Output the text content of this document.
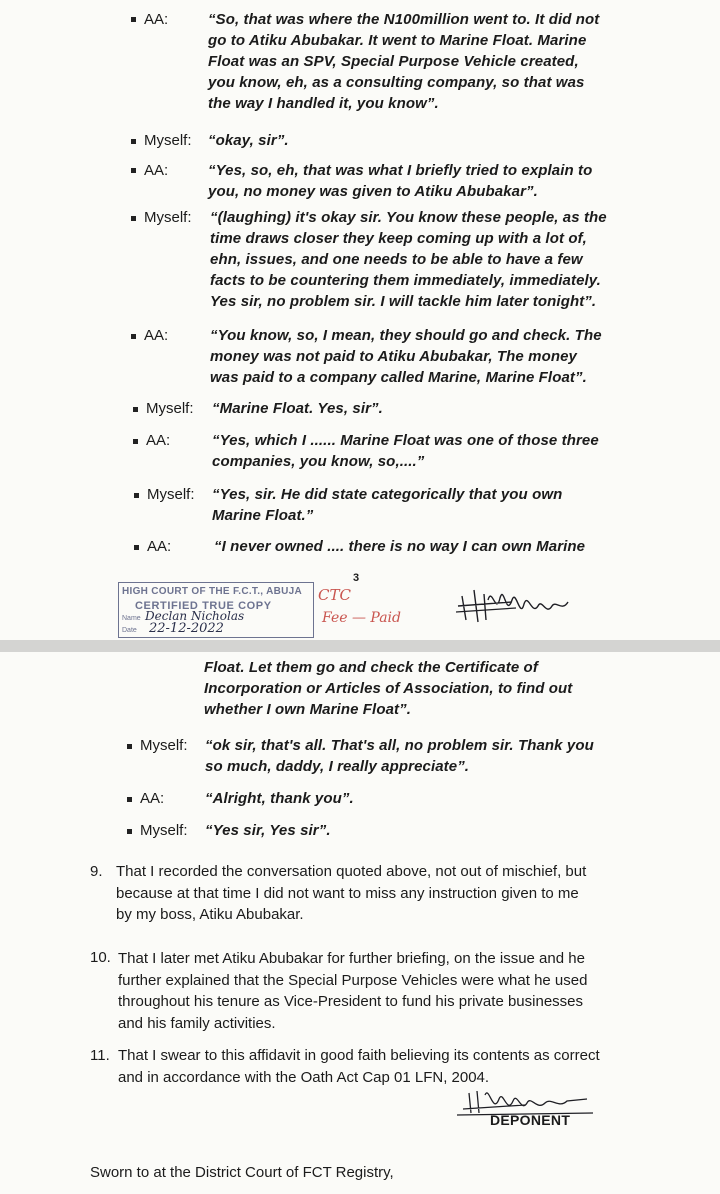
AA:	“So, that was where the N100million went to. It did not
go to Atiku Abubakar. It went to Marine Float. Marine
Float was an SPV, Special Purpose Vehicle created,
you know, eh, as a consulting company, so that was
the way I handled it, you know”.
Myself: “okay, sir”.
AA:	“Yes, so, eh, that was what I briefly tried to explain to
you, no money was given to Atiku Abubakar”.
Myself: “(laughing) it's okay sir. You know these people, as the
time draws closer they keep coming up with a lot of,
ehn, issues, and one needs to be able to have a few
facts to be countering them immediately, immediately.
Yes sir, no problem sir. I will tackle him later tonight”.
AA:	“You know, so, I mean, they should go and check. The
money was not paid to Atiku Abubakar, The money
was paid to a company called Marine, Marine Float”.
Myself: “Marine Float. Yes, sir”.
AA:	“Yes, which I ...... Marine Float was one of those three
companies, you know, so,....”
Myself: “Yes, sir. He did state categorically that you own
Marine Float.”
AA:	“I never owned .... there is no way I can own Marine
3
HIGH COURT OF THE F.C.T., ABUJA
CERTIFIED TRUE COPY
Name
Date
Declan Nicholas
22-12-2022
CTC
Fee — Paid
Float. Let them go and check the Certificate of
Incorporation or Articles of Association, to find out
whether I own Marine Float”.
Myself: “ok sir, that's all. That's all, no problem sir. Thank you
so much, daddy, I really appreciate”.
AA:	“Alright, thank you”.
Myself: “Yes sir, Yes sir”.
9. That I recorded the conversation quoted above, not out of mischief, but
because at that time I did not want to miss any instruction given to me
by my boss, Atiku Abubakar.
10. That I later met Atiku Abubakar for further briefing, on the issue and he
further explained that the Special Purpose Vehicles were what he used
throughout his tenure as Vice-President to fund his private businesses
and his family activities.
11. That I swear to this affidavit in good faith believing its contents as correct
and in accordance with the Oath Act Cap 01 LFN, 2004.
DEPONENT
Sworn to at the District Court of FCT Registry,
